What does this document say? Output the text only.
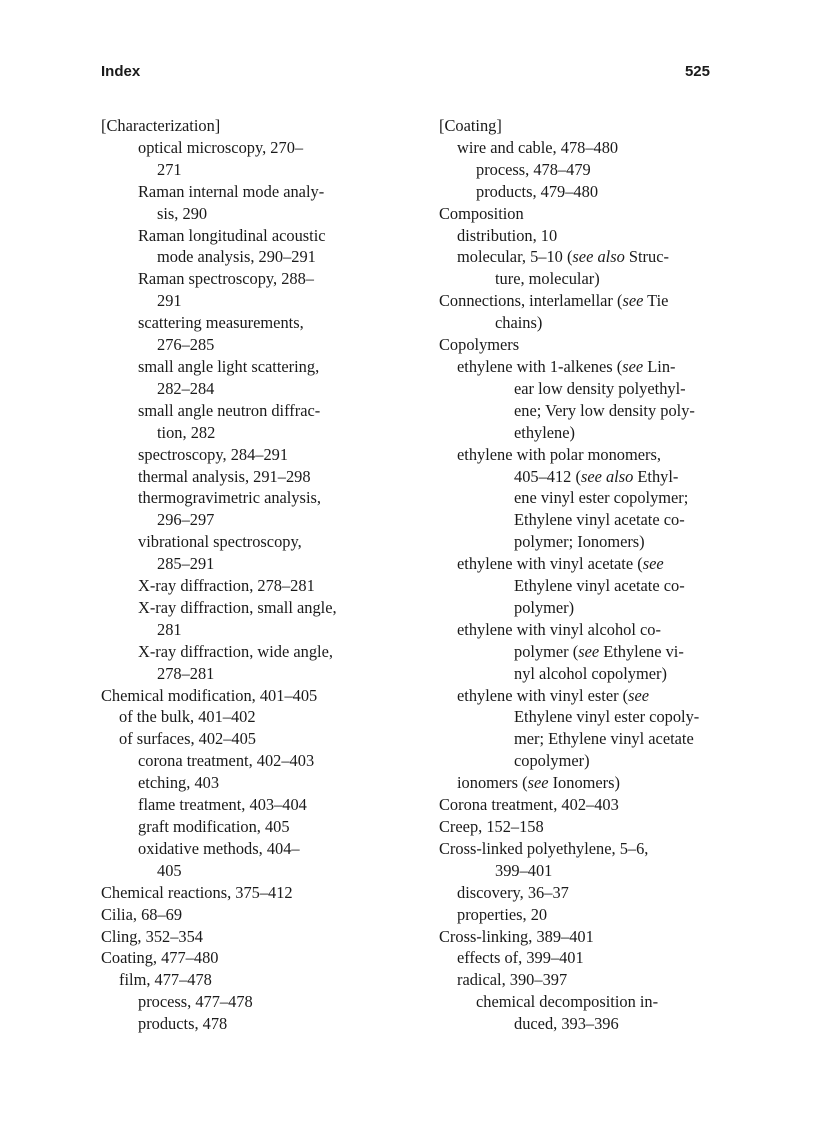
Index	525
[Characterization]
optical microscopy, 270–
271
Raman internal mode analy-
sis, 290
Raman longitudinal acoustic
mode analysis, 290–291
Raman spectroscopy, 288–
291
scattering measurements,
276–285
small angle light scattering,
282–284
small angle neutron diffrac-
tion, 282
spectroscopy, 284–291
thermal analysis, 291–298
thermogravimetric analysis,
296–297
vibrational spectroscopy,
285–291
X-ray diffraction, 278–281
X-ray diffraction, small angle,
281
X-ray diffraction, wide angle,
278–281
Chemical modification, 401–405
of the bulk, 401–402
of surfaces, 402–405
corona treatment, 402–403
etching, 403
flame treatment, 403–404
graft modification, 405
oxidative methods, 404–
405
Chemical reactions, 375–412
Cilia, 68–69
Cling, 352–354
Coating, 477–480
film, 477–478
process, 477–478
products, 478
[Coating]
wire and cable, 478–480
process, 478–479
products, 479–480
Composition
distribution, 10
molecular, 5–10 (see also Struc-
ture, molecular)
Connections, interlamellar (see Tie
chains)
Copolymers
ethylene with 1-alkenes (see Lin-
ear low density polyethyl-
ene; Very low density poly-
ethylene)
ethylene with polar monomers,
405–412 (see also Ethyl-
ene vinyl ester copolymer;
Ethylene vinyl acetate co-
polymer; Ionomers)
ethylene with vinyl acetate (see
Ethylene vinyl acetate co-
polymer)
ethylene with vinyl alcohol co-
polymer (see Ethylene vi-
nyl alcohol copolymer)
ethylene with vinyl ester (see
Ethylene vinyl ester copoly-
mer; Ethylene vinyl acetate
copolymer)
ionomers (see Ionomers)
Corona treatment, 402–403
Creep, 152–158
Cross-linked polyethylene, 5–6,
399–401
discovery, 36–37
properties, 20
Cross-linking, 389–401
effects of, 399–401
radical, 390–397
chemical decomposition in-
duced, 393–396
